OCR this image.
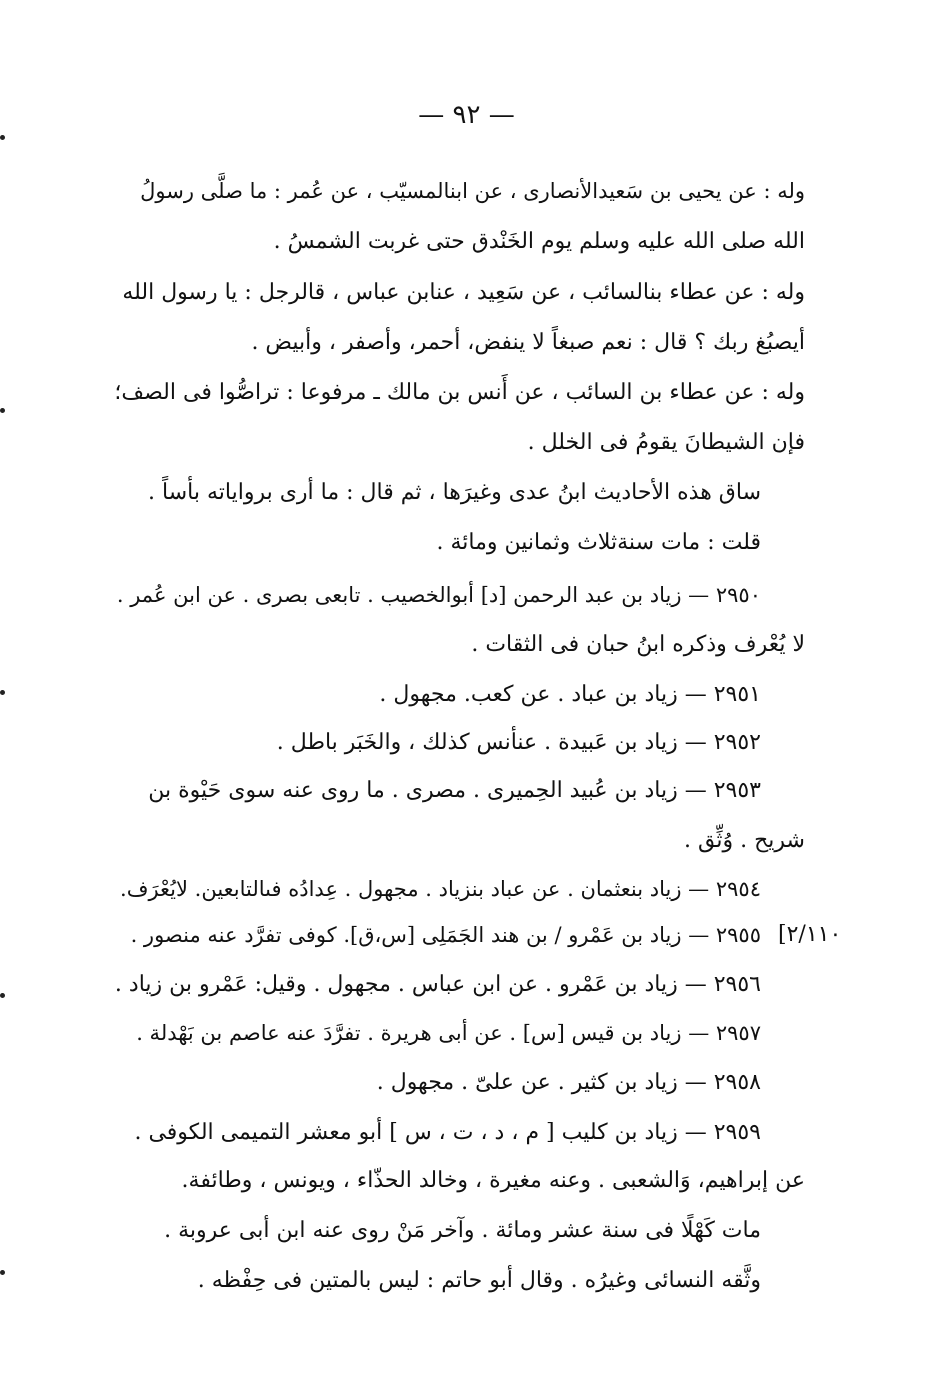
— ٩٢ —
وله : عن يحيى بن سَعيدالأنصارى ، عن ابنالمسيّب ، عن عُمر : ما صلَّى رسولُ
الله صلى الله عليه وسلم يوم الخَنْدق حتى غربت الشمسُ .
وله : عن عطاء بنالسائب ، عن سَعِيد ، عنابن عباس ، قالرجل : يا رسول الله
أيصبُغ ربك ؟ قال : نعم صبغاً لا ينفض، أحمر، وأصفر ، وأبيض .
وله : عن عطاء بن السائب ، عن أَنس بن مالك ـ مرفوعا : تراصُّوا فى الصف؛
فإن الشيطانَ يقومُ فى الخلل .
ساق هذه الأحاديث ابنُ عدى وغيرَها ، ثم قال : ما أرى برواياته بأساً .
قلت : مات سنةثلاث وثمانين ومائة .
٢٩٥٠ — زياد بن عبد الرحمن [د] أبوالخصيب . تابعى بصرى . عن ابن عُمر .
لا يُعْرف وذكره ابنُ حبان فى الثقات .
٢٩٥١ — زياد بن عباد . عن كعب. مجهول .
٢٩٥٢ — زياد بن عَبيدة . عنأنس كذلك ، والخَبَر باطل .
٢٩٥٣ — زياد بن عُبيد الحِميرى . مصرى . ما روى عنه سوى حَيْوة بن
شريح . وُثِّق .
٢٩٥٤ — زياد بنعثمان . عن عباد بنزياد . مجهول . عِدادُه فىالتابعين. لايُعْرَف.
[٢/١١٠
٢٩٥٥ — زياد بن عَمْرو / بن هند الجَمَلِى [س،ق]. كوفى تفرَّد عنه منصور .
٢٩٥٦ — زياد بن عَمْرو . عن ابن عباس . مجهول . وقيل: عَمْرو بن زياد .
٢٩٥٧ — زياد بن قيس [س] . عن أبى هريرة . تفرَّدَ عنه عاصم بن بَهْدلة .
٢٩٥٨ — زياد بن كثير . عن علىّ . مجهول .
٢٩٥٩ — زياد بن كليب [ م ، د ، ت ، س ] أبو معشر التميمى الكوفى .
عن إبراهيم، وَالشعبى . وعنه مغيرة ، وخالد الحذّاء ، ويونس ، وطائفة.
مات كَهْلًا فى سنة عشر ومائة . وآخر مَنْ روى عنه ابن أبى عروبة .
وثَّقه النسائى وغيرُه . وقال أبو حاتم : ليس بالمتين فى حِفْظه .
